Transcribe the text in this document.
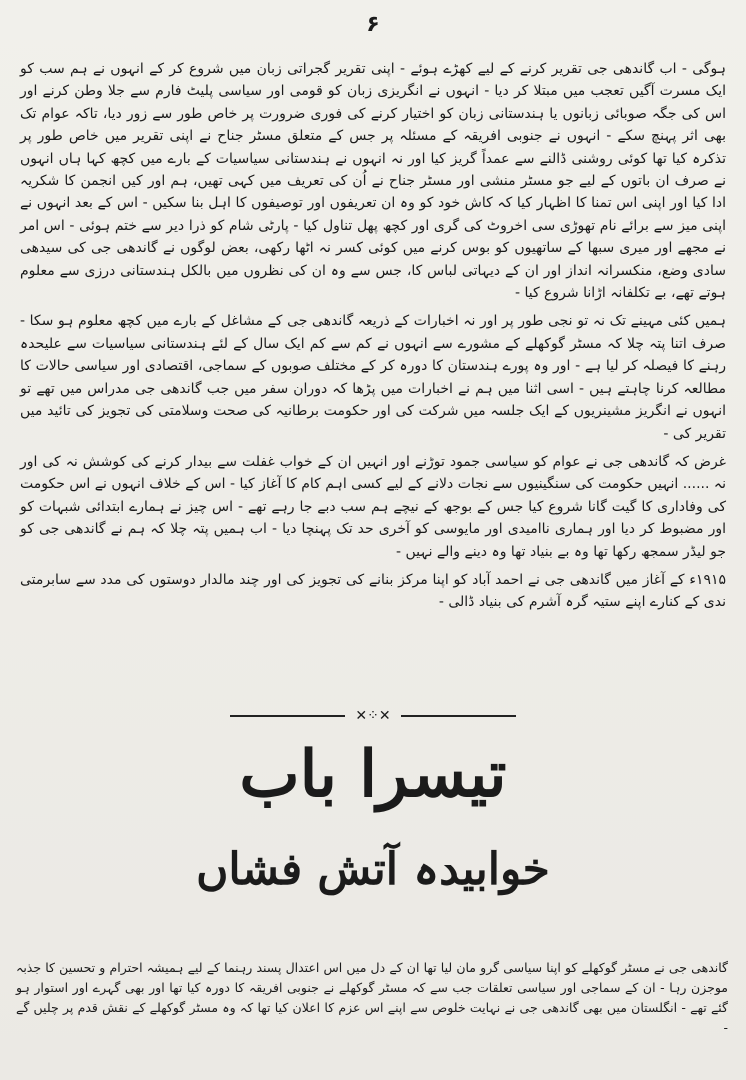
۶

ہوگی - اب گاندھی جی تقریر کرنے کے لیے کھڑے ہوئے - اپنی تقریر گجراتی زبان میں شروع کر کے انہوں نے ہم سب کو ایک مسرت آگیں تعجب میں مبتلا کر دیا - انہوں نے انگریزی زبان کو قومی اور سیاسی پلیٹ فارم سے جلا وطن کرنے اور اس کی جگہ صوبائی زبانوں یا ہندستانی زبان کو اختیار کرنے کی فوری ضرورت پر خاص طور سے زور دیا، تاکہ عوام تک بھی اثر پہنچ سکے - انہوں نے جنوبی افریقہ کے مسئلہ پر جس کے متعلق مسٹر جناح نے اپنی تقریر میں خاص طور پر تذکرہ کیا تھا کوئی روشنی ڈالنے سے عمداً گریز کیا اور نہ انہوں نے ہندستانی سیاسیات کے بارے میں کچھ کہا ہاں انہوں نے صرف ان باتوں کے لیے جو مسٹر منشی اور مسٹر جناح نے اُن کی تعریف میں کہی تھیں، ہم اور کیں انجمن کا شکریہ ادا کیا اور اپنی اس تمنا کا اظہار کیا کہ کاش خود کو وہ ان تعریفوں اور توصیفوں کا اہل بنا سکیں - اس کے بعد انہوں نے اپنی میز سے برائے نام تھوڑی سی اخروٹ کی گری اور کچھ پھل تناول کیا - پارٹی شام کو ذرا دیر سے ختم ہوئی - اس امر نے مجھے اور میری سبھا کے ساتھیوں کو بوس کرنے میں کوئی کسر نہ اٹھا رکھی، بعض لوگوں نے گاندھی جی کی سیدھی سادی وضع، منکسرانہ انداز اور ان کے دیہاتی لباس کا، جس سے وہ ان کی نظروں میں بالکل ہندستانی درزی سے معلوم ہوتے تھے، بے تکلفانہ اڑانا شروع کیا -

ہمیں کئی مہینے تک نہ تو نجی طور پر اور نہ اخبارات کے ذریعہ گاندھی جی کے مشاغل کے بارے میں کچھ معلوم ہو سکا - صرف اتنا پتہ چلا کہ مسٹر گوکھلے کے مشورے سے انہوں نے کم سے کم ایک سال کے لئے ہندستانی سیاسیات سے علیحدہ رہنے کا فیصلہ کر لیا ہے - اور وہ پورے ہندستان کا دورہ کر کے مختلف صوبوں کے سماجی، اقتصادی اور سیاسی حالات کا مطالعہ کرنا چاہتے ہیں - اسی اثنا میں ہم نے اخبارات میں پڑھا کہ دوران سفر میں جب گاندھی جی مدراس میں تھے تو انہوں نے انگریز مشینریوں کے ایک جلسہ میں شرکت کی اور حکومت برطانیہ کی صحت وسلامتی کی تجویز کی تائید میں تقریر کی -

غرض کہ گاندھی جی نے عوام کو سیاسی جمود توڑنے اور انہیں ان کے خواب غفلت سے بیدار کرنے کی کوشش نہ کی اور نہ ...... انہیں حکومت کی سنگینیوں سے نجات دلانے کے لیے کسی اہم کام کا آغاز کیا - اس کے خلاف انہوں نے اس حکومت کی وفاداری کا گیت گانا شروع کیا جس کے بوجھ کے نیچے ہم سب دبے جا رہے تھے - اس چیز نے ہمارے ابتدائی شبہات کو اور مضبوط کر دیا اور ہماری ناامیدی اور مایوسی کو آخری حد تک پہنچا دیا - اب ہمیں پتہ چلا کہ ہم نے گاندھی جی کو جو لیڈر سمجھ رکھا تھا وہ بے بنیاد تھا وہ دینے والے نہیں -

۱۹۱۵ء کے آغاز میں گاندھی جی نے احمد آباد کو اپنا مرکز بنانے کی تجویز کی اور چند مالدار دوستوں کی مدد سے سابرمتی ندی کے کنارے اپنے ستیہ گرہ آشرم کی بنیاد ڈالی -

✕⁘✕
تیسرا باب
خوابیدہ آتش فشاں
گاندھی جی نے مسٹر گوکھلے کو اپنا سیاسی گرو مان لیا تھا ان کے دل میں اس اعتدال پسند رہنما کے لیے ہمیشہ احترام و تحسین کا جذبہ موجزن رہا - ان کے سماجی اور سیاسی تعلقات جب سے کہ مسٹر گوکھلے نے جنوبی افریقہ کا دورہ کیا تھا اور بھی گہرے اور استوار ہو گئے تھے - انگلستان میں بھی گاندھی جی نے نہایت خلوص سے اپنے اس عزم کا اعلان کیا تھا کہ وہ مسٹر گوکھلے کے نقش قدم پر چلیں گے -
